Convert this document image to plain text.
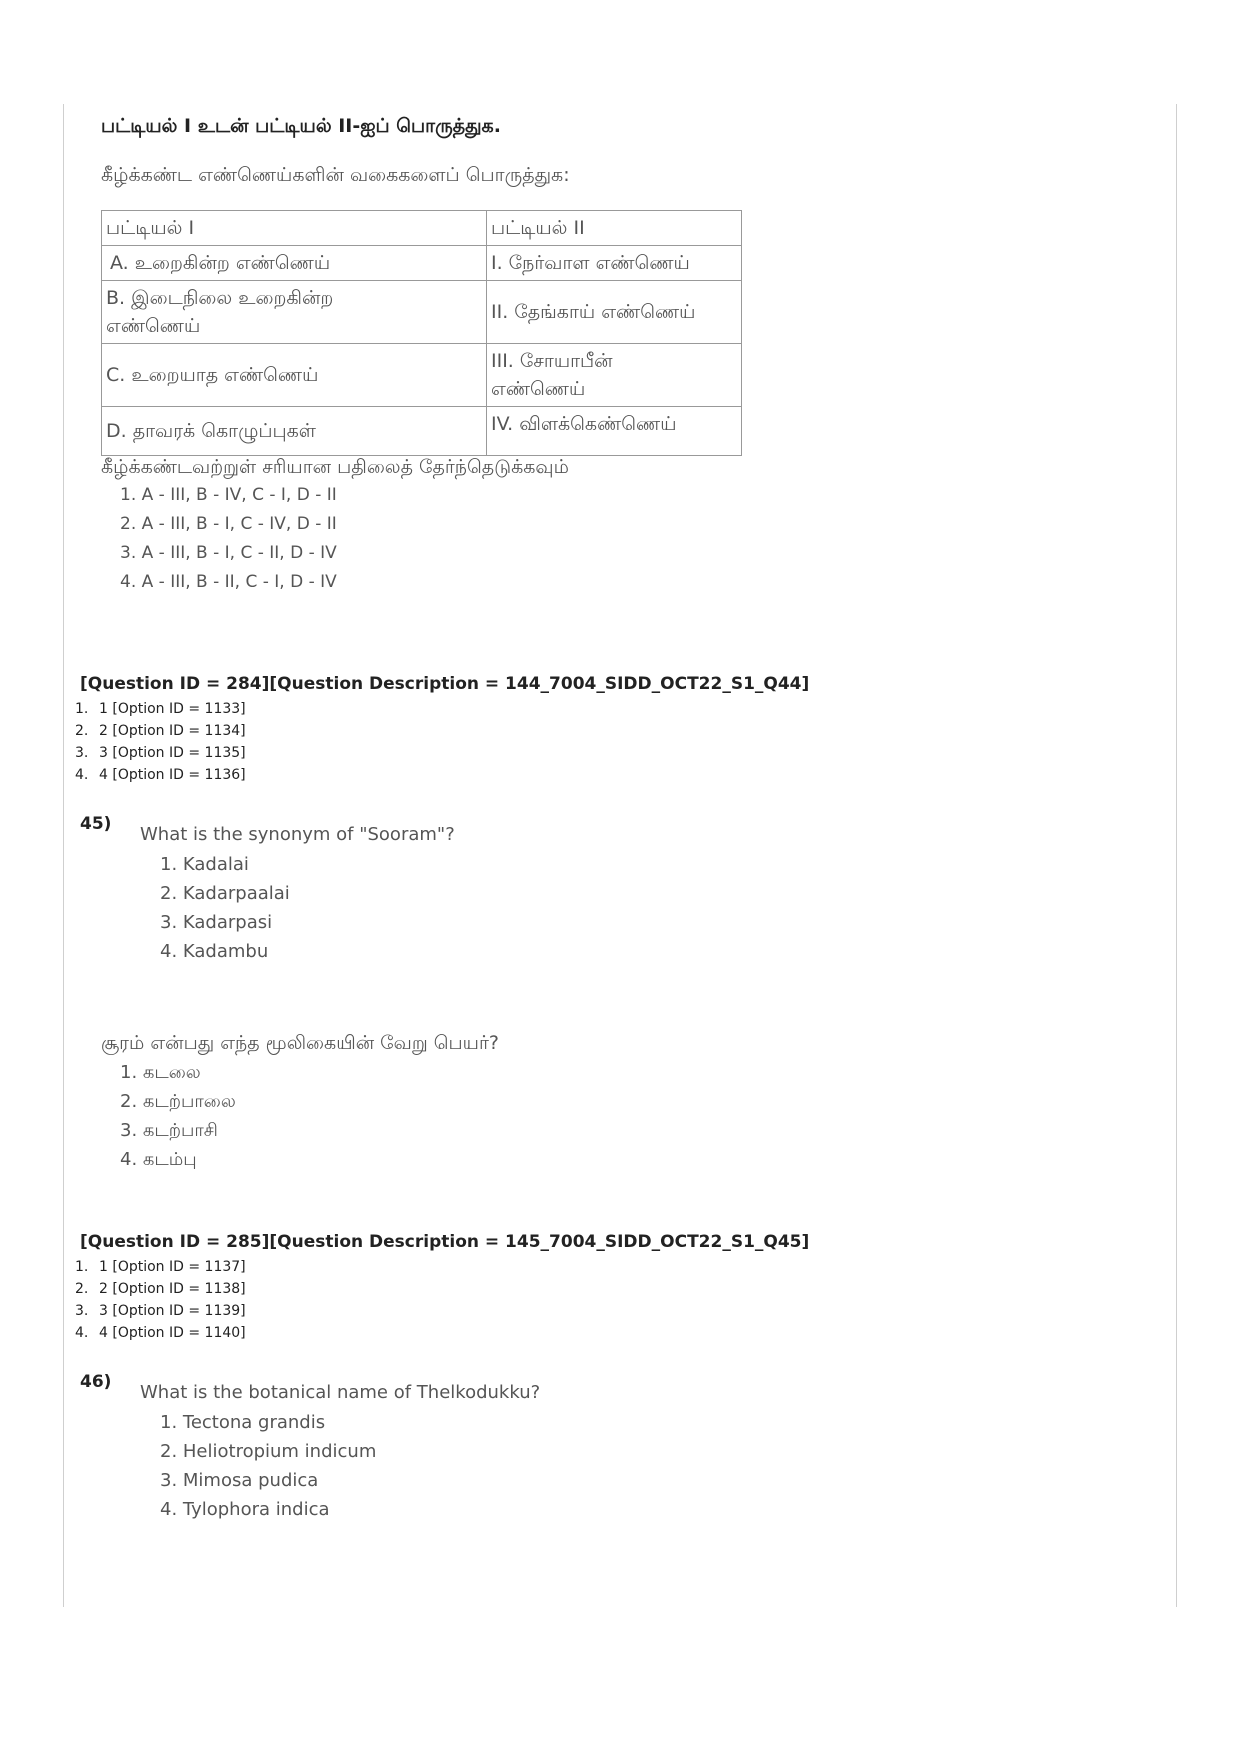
பட்டியல் I உடன் பட்டியல் II-ஐப் பொருத்துக.
கீழ்க்கண்ட எண்ணெய்களின் வகைகளைப் பொருத்துக:
பட்டியல் I	பட்டியல் II
A. உறைகின்ற எண்ணெய்	I. நேர்வாள எண்ணெய்

B. இடைநிலை உறைகின்ற எண்ணெய்	II. தேங்காய் எண்ணெய்
C. உறையாத எண்ணெய்	III. சோயாபீன் எண்ணெய்

D. தாவரக் கொழுப்புகள்	IV. விளக்கெண்ணெய்
கீழ்க்கண்டவற்றுள் சரியான பதிலைத் தேர்ந்தெடுக்கவும்
1. A - III, B - IV, C - I, D - II
2. A - III, B - I, C - IV, D - II
3. A - III, B - I, C - II, D - IV
4. A - III, B - II, C - I, D - IV
[Question ID = 284][Question Description = 144_7004_SIDD_OCT22_S1_Q44]
1. 1 [Option ID = 1133]
2. 2 [Option ID = 1134]
3. 3 [Option ID = 1135]
4. 4 [Option ID = 1136]
45) What is the synonym of "Sooram"?
1. Kadalai
2. Kadarpaalai
3. Kadarpasi
4. Kadambu
சூரம் என்பது எந்த மூலிகையின் வேறு பெயர்?
1. கடலை
2. கடற்பாலை
3. கடற்பாசி
4. கடம்பு
[Question ID = 285][Question Description = 145_7004_SIDD_OCT22_S1_Q45]
1. 1 [Option ID = 1137]
2. 2 [Option ID = 1138]
3. 3 [Option ID = 1139]
4. 4 [Option ID = 1140]
46) What is the botanical name of Thelkodukku?
1. Tectona grandis
2. Heliotropium indicum
3. Mimosa pudica
4. Tylophora indica
